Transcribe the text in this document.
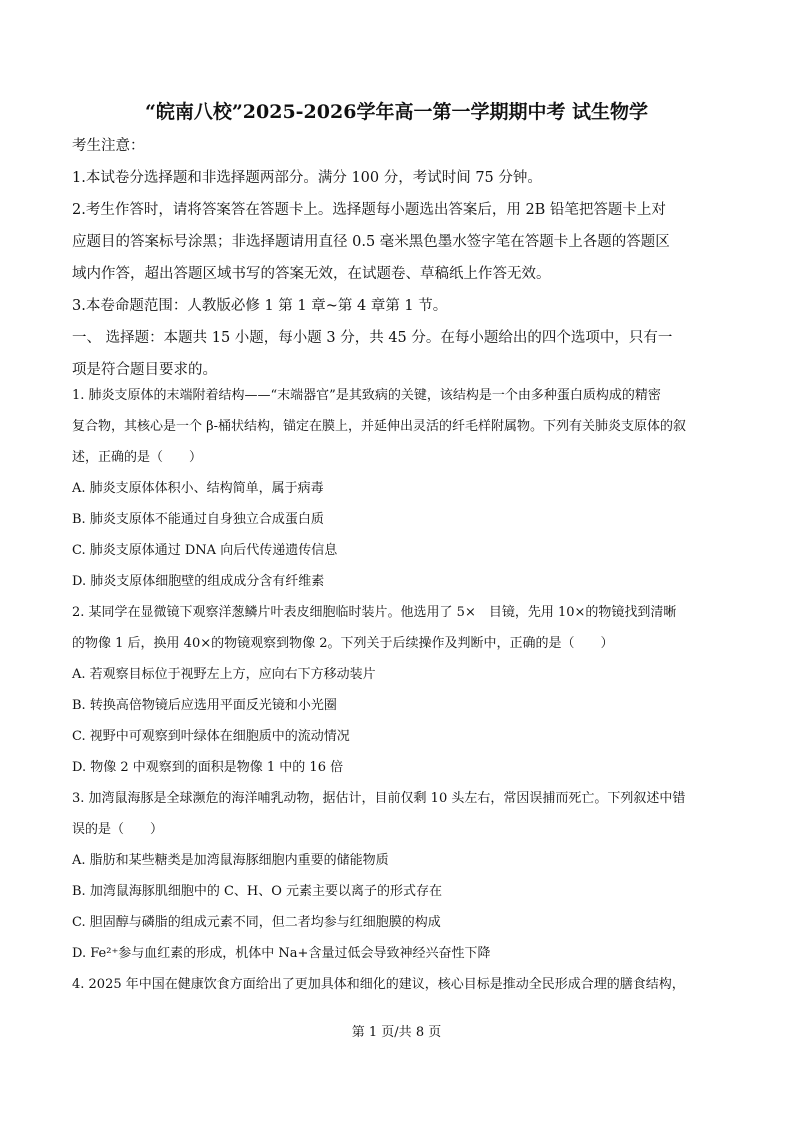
“皖南八校”2025-2026学年高一第一学期期中考 试生物学

考生注意：

1.本试卷分选择题和非选择题两部分。满分 100 分，考试时间 75 分钟。

2.考生作答时，请将答案答在答题卡上。选择题每小题选出答案后，用 2B 铅笔把答题卡上对

应题目的答案标号涂黑；非选择题请用直径 0.5 毫米黑色墨水签字笔在答题卡上各题的答题区

域内作答，超出答题区域书写的答案无效，在试题卷、草稿纸上作答无效。

3.本卷命题范围：人教版必修 1 第 1 章~第 4 章第 1 节。

一、 选择题：本题共 15 小题，每小题 3 分，共 45 分。在每小题给出的四个选项中，只有一

项是符合题目要求的。

1. 肺炎支原体的末端附着结构——“末端器官”是其致病的关键，该结构是一个由多种蛋白质构成的精密

复合物，其核心是一个 β-桶状结构，锚定在膜上，并延伸出灵活的纤毛样附属物。下列有关肺炎支原体的叙

述，正确的是（　　）

A. 肺炎支原体体积小、结构简单，属于病毒

B. 肺炎支原体不能通过自身独立合成蛋白质

C. 肺炎支原体通过 DNA 向后代传递遗传信息

D. 肺炎支原体细胞壁的组成成分含有纤维素

2. 某同学在显微镜下观察洋葱鳞片叶表皮细胞临时装片。他选用了 5×　目镜，先用 10×的物镜找到清晰

的物像 1 后，换用 40×的物镜观察到物像 2。下列关于后续操作及判断中，正确的是（　　）

A. 若观察目标位于视野左上方，应向右下方移动装片

B. 转换高倍物镜后应选用平面反光镜和小光圈

C. 视野中可观察到叶绿体在细胞质中的流动情况

D. 物像 2 中观察到的面积是物像 1 中的 16 倍

3. 加湾鼠海豚是全球濒危的海洋哺乳动物，据估计，目前仅剩 10 头左右，常因误捕而死亡。下列叙述中错

误的是（　　）

A. 脂肪和某些糖类是加湾鼠海豚细胞内重要的储能物质

B. 加湾鼠海豚肌细胞中的 C、H、O 元素主要以离子的形式存在

C. 胆固醇与磷脂的组成元素不同，但二者均参与红细胞膜的构成

D. Fe²⁺参与血红素的形成，机体中 Na+含量过低会导致神经兴奋性下降

4. 2025 年中国在健康饮食方面给出了更加具体和细化的建议，核心目标是推动全民形成合理的膳食结构，

第 1 页/共 8 页
